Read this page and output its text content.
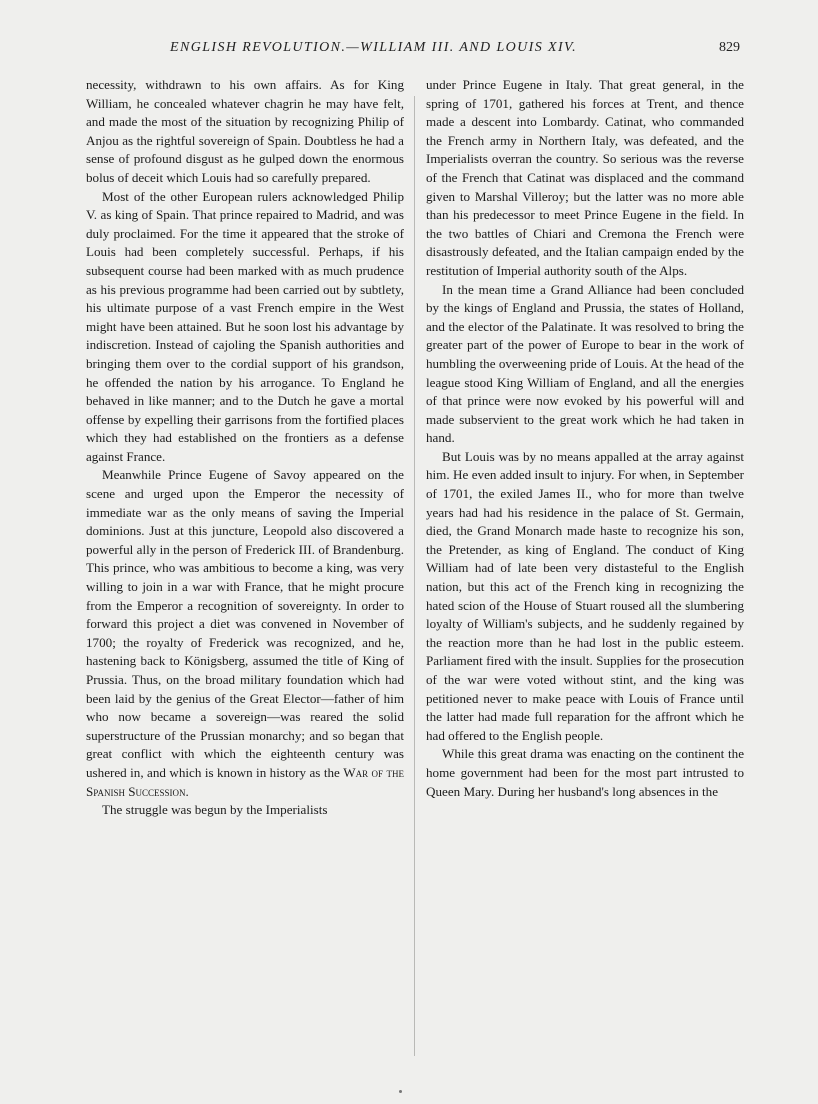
ENGLISH REVOLUTION.—WILLIAM III. AND LOUIS XIV.	829

necessity, withdrawn to his own affairs. As for King William, he concealed whatever chagrin he may have felt, and made the most of the situation by recognizing Philip of Anjou as the rightful sovereign of Spain. Doubtless he had a sense of profound disgust as he gulped down the enormous bolus of deceit which Louis had so carefully prepared.

Most of the other European rulers acknowledged Philip V. as king of Spain. That prince repaired to Madrid, and was duly proclaimed. For the time it appeared that the stroke of Louis had been completely successful. Perhaps, if his subsequent course had been marked with as much prudence as his previous programme had been carried out by subtlety, his ultimate purpose of a vast French empire in the West might have been attained. But he soon lost his advantage by indiscretion. Instead of cajoling the Spanish authorities and bringing them over to the cordial support of his grandson, he offended the nation by his arrogance. To England he behaved in like manner; and to the Dutch he gave a mortal offense by expelling their garrisons from the fortified places which they had established on the frontiers as a defense against France.

Meanwhile Prince Eugene of Savoy appeared on the scene and urged upon the Emperor the necessity of immediate war as the only means of saving the Imperial dominions. Just at this juncture, Leopold also discovered a powerful ally in the person of Frederick III. of Brandenburg. This prince, who was ambitious to become a king, was very willing to join in a war with France, that he might procure from the Emperor a recognition of sovereignty. In order to forward this project a diet was convened in November of 1700; the royalty of Frederick was recognized, and he, hastening back to Königsberg, assumed the title of King of Prussia. Thus, on the broad military foundation which had been laid by the genius of the Great Elector—father of him who now became a sovereign—was reared the solid superstructure of the Prussian monarchy; and so began that great conflict with which the eighteenth century was ushered in, and which is known in history as the War of the Spanish Succession.

The struggle was begun by the Imperialists

under Prince Eugene in Italy. That great general, in the spring of 1701, gathered his forces at Trent, and thence made a descent into Lombardy. Catinat, who commanded the French army in Northern Italy, was defeated, and the Imperialists overran the country. So serious was the reverse of the French that Catinat was displaced and the command given to Marshal Villeroy; but the latter was no more able than his predecessor to meet Prince Eugene in the field. In the two battles of Chiari and Cremona the French were disastrously defeated, and the Italian campaign ended by the restitution of Imperial authority south of the Alps.

In the mean time a Grand Alliance had been concluded by the kings of England and Prussia, the states of Holland, and the elector of the Palatinate. It was resolved to bring the greater part of the power of Europe to bear in the work of humbling the overweening pride of Louis. At the head of the league stood King William of England, and all the energies of that prince were now evoked by his powerful will and made subservient to the great work which he had taken in hand.

But Louis was by no means appalled at the array against him. He even added insult to injury. For when, in September of 1701, the exiled James II., who for more than twelve years had had his residence in the palace of St. Germain, died, the Grand Monarch made haste to recognize his son, the Pretender, as king of England. The conduct of King William had of late been very distasteful to the English nation, but this act of the French king in recognizing the hated scion of the House of Stuart roused all the slumbering loyalty of William's subjects, and he suddenly regained by the reaction more than he had lost in the public esteem. Parliament fired with the insult. Supplies for the prosecution of the war were voted without stint, and the king was petitioned never to make peace with Louis of France until the latter had made full reparation for the affront which he had offered to the English people.

While this great drama was enacting on the continent the home government had been for the most part intrusted to Queen Mary. During her husband's long absences in the
